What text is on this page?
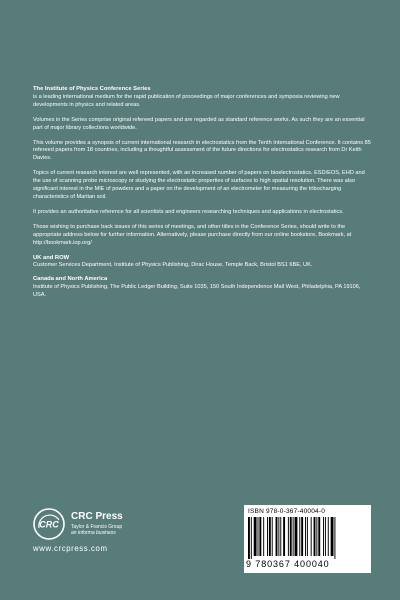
The Institute of Physics Conference Series

is a leading international medium for the rapid publication of proceedings of major conferences and symposia reviewing new developments in physics and related areas.

Volumes in the Series comprise original refereed papers and are regarded as standard reference works. As such they are an essential part of major library collections worldwide.

This volume provides a synopsis of current international research in electrostatics from the Tenth International Conference. It contains 85 refereed papers from 18 countries, including a thoughtful assessment of the future directions for electrostatics research from Dr Keith Davies.

Topics of current research interest are well represented, with an increased number of papers on bioelectrostatics. ESD/EOS, EHD and the use of scanning probe microscopy or studying the electrostatic properties of surfaces to high spatial resolution. There was also significant interest in the MIE of powders and a paper on the development of an electrometer for measuring the tribocharging characteristics of Martian soil.

It provides an authoritative reference for all scientists and engineers researching techniques and applications in electrostatics.

Those wishing to purchase back issues of this series of meetings, and other titles in the Conference Series, should write to the appropriate address below for further information. Alternatively, please purchase directly from our online bookstore, Bookmark, at http://bookmark.iop.org/

UK and ROW
Customer Services Department, Institute of Physics Publishing, Dirac House, Temple Back, Bristol BS1 6BE, UK.
Canada and North America
Institute of Physics Publishing, The Public Ledger Building, Suite 1035, 150 South Independence Mall West, Philadelphia, PA 19106, USA.
CRC
CRC Press
Taylor & Francis Group
an informa business
www.crcpress.com
ISBN 978-0-367-40004-0
9 780367 400040
